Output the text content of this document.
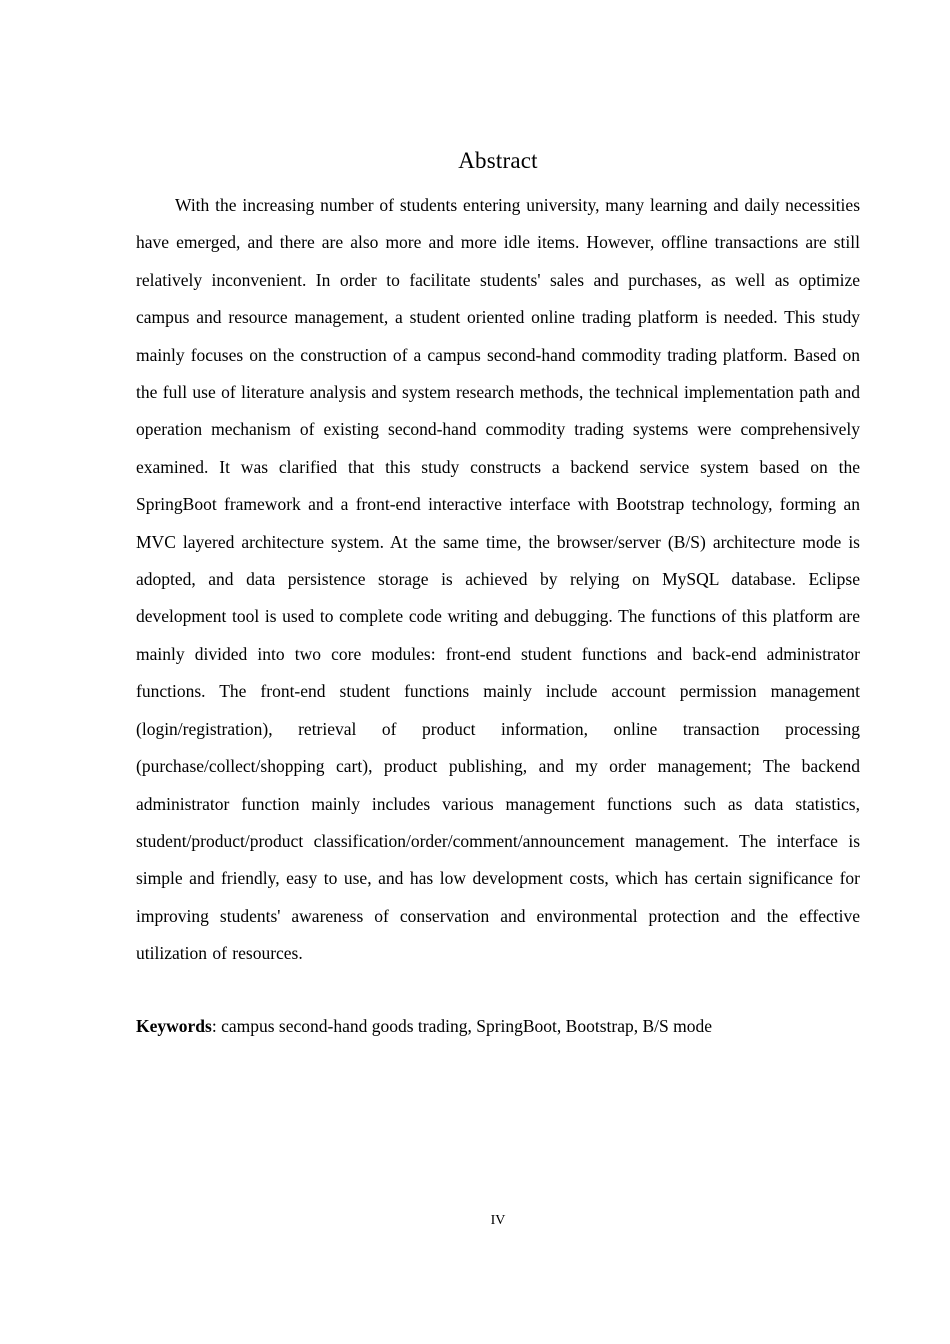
Abstract

With the increasing number of students entering university, many learning and daily necessities have emerged, and there are also more and more idle items. However, offline transactions are still relatively inconvenient. In order to facilitate students' sales and purchases, as well as optimize campus and resource management, a student oriented online trading platform is needed. This study mainly focuses on the construction of a campus second-hand commodity trading platform. Based on the full use of literature analysis and system research methods, the technical implementation path and operation mechanism of existing second-hand commodity trading systems were comprehensively examined. It was clarified that this study constructs a backend service system based on the SpringBoot framework and a front-end interactive interface with Bootstrap technology, forming an MVC layered architecture system. At the same time, the browser/server (B/S) architecture mode is adopted, and data persistence storage is achieved by relying on MySQL database. Eclipse development tool is used to complete code writing and debugging. The functions of this platform are mainly divided into two core modules: front-end student functions and back-end administrator functions. The front-end student functions mainly include account permission management (login/registration), retrieval of product information, online transaction processing (purchase/collect/shopping cart), product publishing, and my order management; The backend administrator function mainly includes various management functions such as data statistics, student/product/product classification/order/comment/announcement management. The interface is simple and friendly, easy to use, and has low development costs, which has certain significance for improving students' awareness of conservation and environmental protection and the effective utilization of resources.

Keywords: campus second-hand goods trading, SpringBoot, Bootstrap, B/S mode

IV
